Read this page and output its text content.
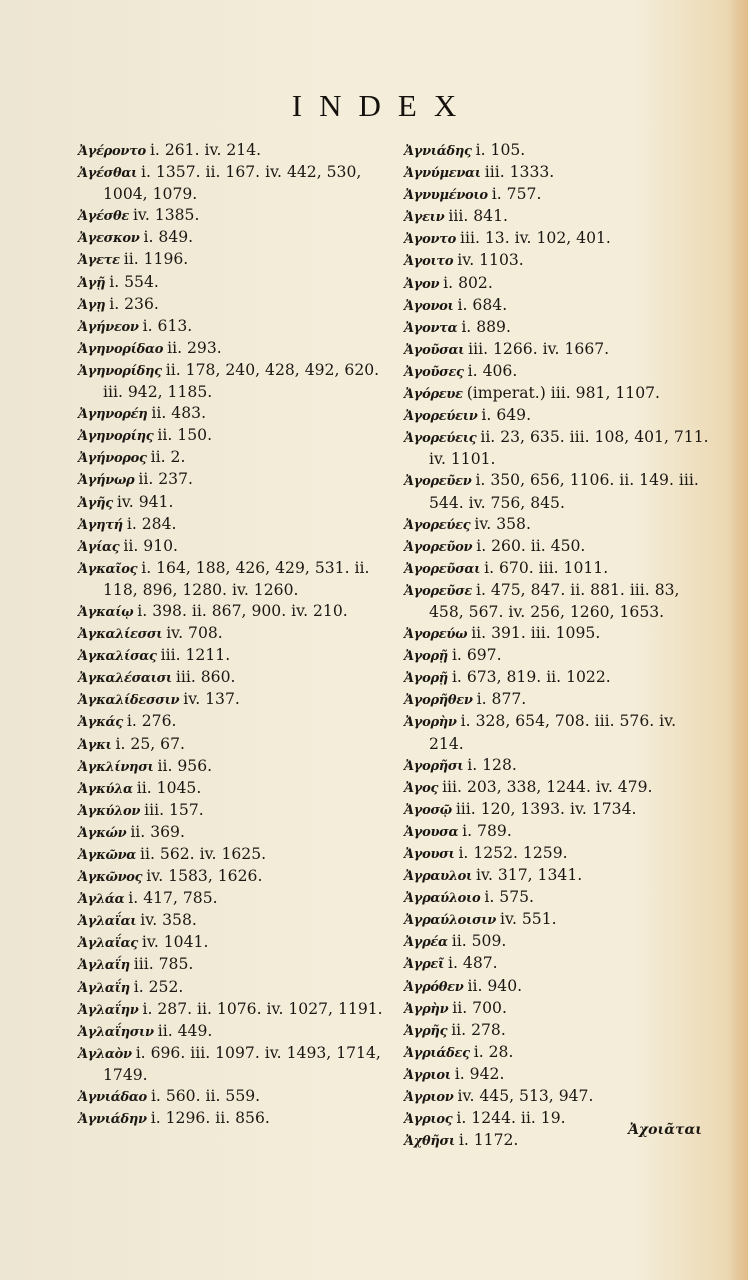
INDEX
Ἀγέροντο i. 261. iv. 214.
Ἀγέσθαι i. 1357. ii. 167. iv. 442, 530, 1004, 1079.
Ἀγέσθε iv. 1385.
Ἀγεσκον i. 849.
Ἀγετε ii. 1196.
Ἀγῇ i. 554.
Ἀγῃ i. 236.
Ἀγήνεον i. 613.
Ἀγηνορίδαο ii. 293.
Ἀγηνορίδης ii. 178, 240, 428, 492, 620. iii. 942, 1185.
Ἀγηνορέη ii. 483.
Ἀγηνορίης ii. 150.
Ἀγήνορος ii. 2.
Ἀγήνωρ ii. 237.
Ἀγῆς iv. 941.
Ἀγητή i. 284.
Ἀγίας ii. 910.
Ἀγκαῖος i. 164, 188, 426, 429, 531. ii. 118, 896, 1280. iv. 1260.
Ἀγκαίῳ i. 398. ii. 867, 900. iv. 210.
Ἀγκαλίεσσι iv. 708.
Ἀγκαλίσας iii. 1211.
Ἀγκαλέσαισι iii. 860.
Ἀγκαλίδεσσιν iv. 137.
Ἀγκάς i. 276.
Ἀγκι i. 25, 67.
Ἀγκλίνησι ii. 956.
Ἀγκύλα ii. 1045.
Ἀγκύλον iii. 157.
Ἀγκών ii. 369.
Ἀγκῶνα ii. 562. iv. 1625.
Ἀγκῶνος iv. 1583, 1626.
Ἀγλάα i. 417, 785.
Ἀγλαΐαι iv. 358.
Ἀγλαΐας iv. 1041.
Ἀγλαΐη iii. 785.
Ἀγλαΐη i. 252.
Ἀγλαΐην i. 287. ii. 1076. iv. 1027, 1191.
Ἀγλαΐησιν ii. 449.
Ἀγλαὸν i. 696. iii. 1097. iv. 1493, 1714, 1749.
Ἀγνιάδαο i. 560. ii. 559.
Ἀγνιάδην i. 1296. ii. 856.
Ἀγνιάδης i. 105.
Ἀγνύμεναι iii. 1333.
Ἀγνυμένοιο i. 757.
Ἀγειν iii. 841.
Ἀγοντο iii. 13. iv. 102, 401.
Ἀγοιτο iv. 1103.
Ἀγον i. 802.
Ἀγονοι i. 684.
Ἀγοντα i. 889.
Ἀγοῦσαι iii. 1266. iv. 1667.
Ἀγοῦσες i. 406.
Ἀγόρευε (imperat.) iii. 981, 1107.
Ἀγορεύειν i. 649.
Ἀγορεύεις ii. 23, 635. iii. 108, 401, 711. iv. 1101.
Ἀγορεῦεν i. 350, 656, 1106. ii. 149. iii. 544. iv. 756, 845.
Ἀγορεύες iv. 358.
Ἀγορεῦον i. 260. ii. 450.
Ἀγορεῦσαι i. 670. iii. 1011.
Ἀγορεῦσε i. 475, 847. ii. 881. iii. 83, 458, 567. iv. 256, 1260, 1653.
Ἀγορεύω ii. 391. iii. 1095.
Ἀγορῇ i. 697.
Ἀγορῇ i. 673, 819. ii. 1022.
Ἀγορῆθεν i. 877.
Ἀγορὴν i. 328, 654, 708. iii. 576. iv. 214.
Ἀγορῆσι i. 128.
Ἀγος iii. 203, 338, 1244. iv. 479.
Ἀγοσῷ iii. 120, 1393. iv. 1734.
Ἀγουσα i. 789.
Ἀγουσι i. 1252. 1259.
Ἀγραυλοι iv. 317, 1341.
Ἀγραύλοιο i. 575.
Ἀγραύλοισιν iv. 551.
Ἀγρέα ii. 509.
Ἀγρεῖ i. 487.
Ἀγρόθεν ii. 940.
Ἀγρὴν ii. 700.
Ἀγρῆς ii. 278.
Ἀγριάδες i. 28.
Ἀγριοι i. 942.
Ἀγριον iv. 445, 513, 947.
Ἀγριος i. 1244. ii. 19.
Ἀχθῆσι i. 1172.
Ἀχοιᾶται
